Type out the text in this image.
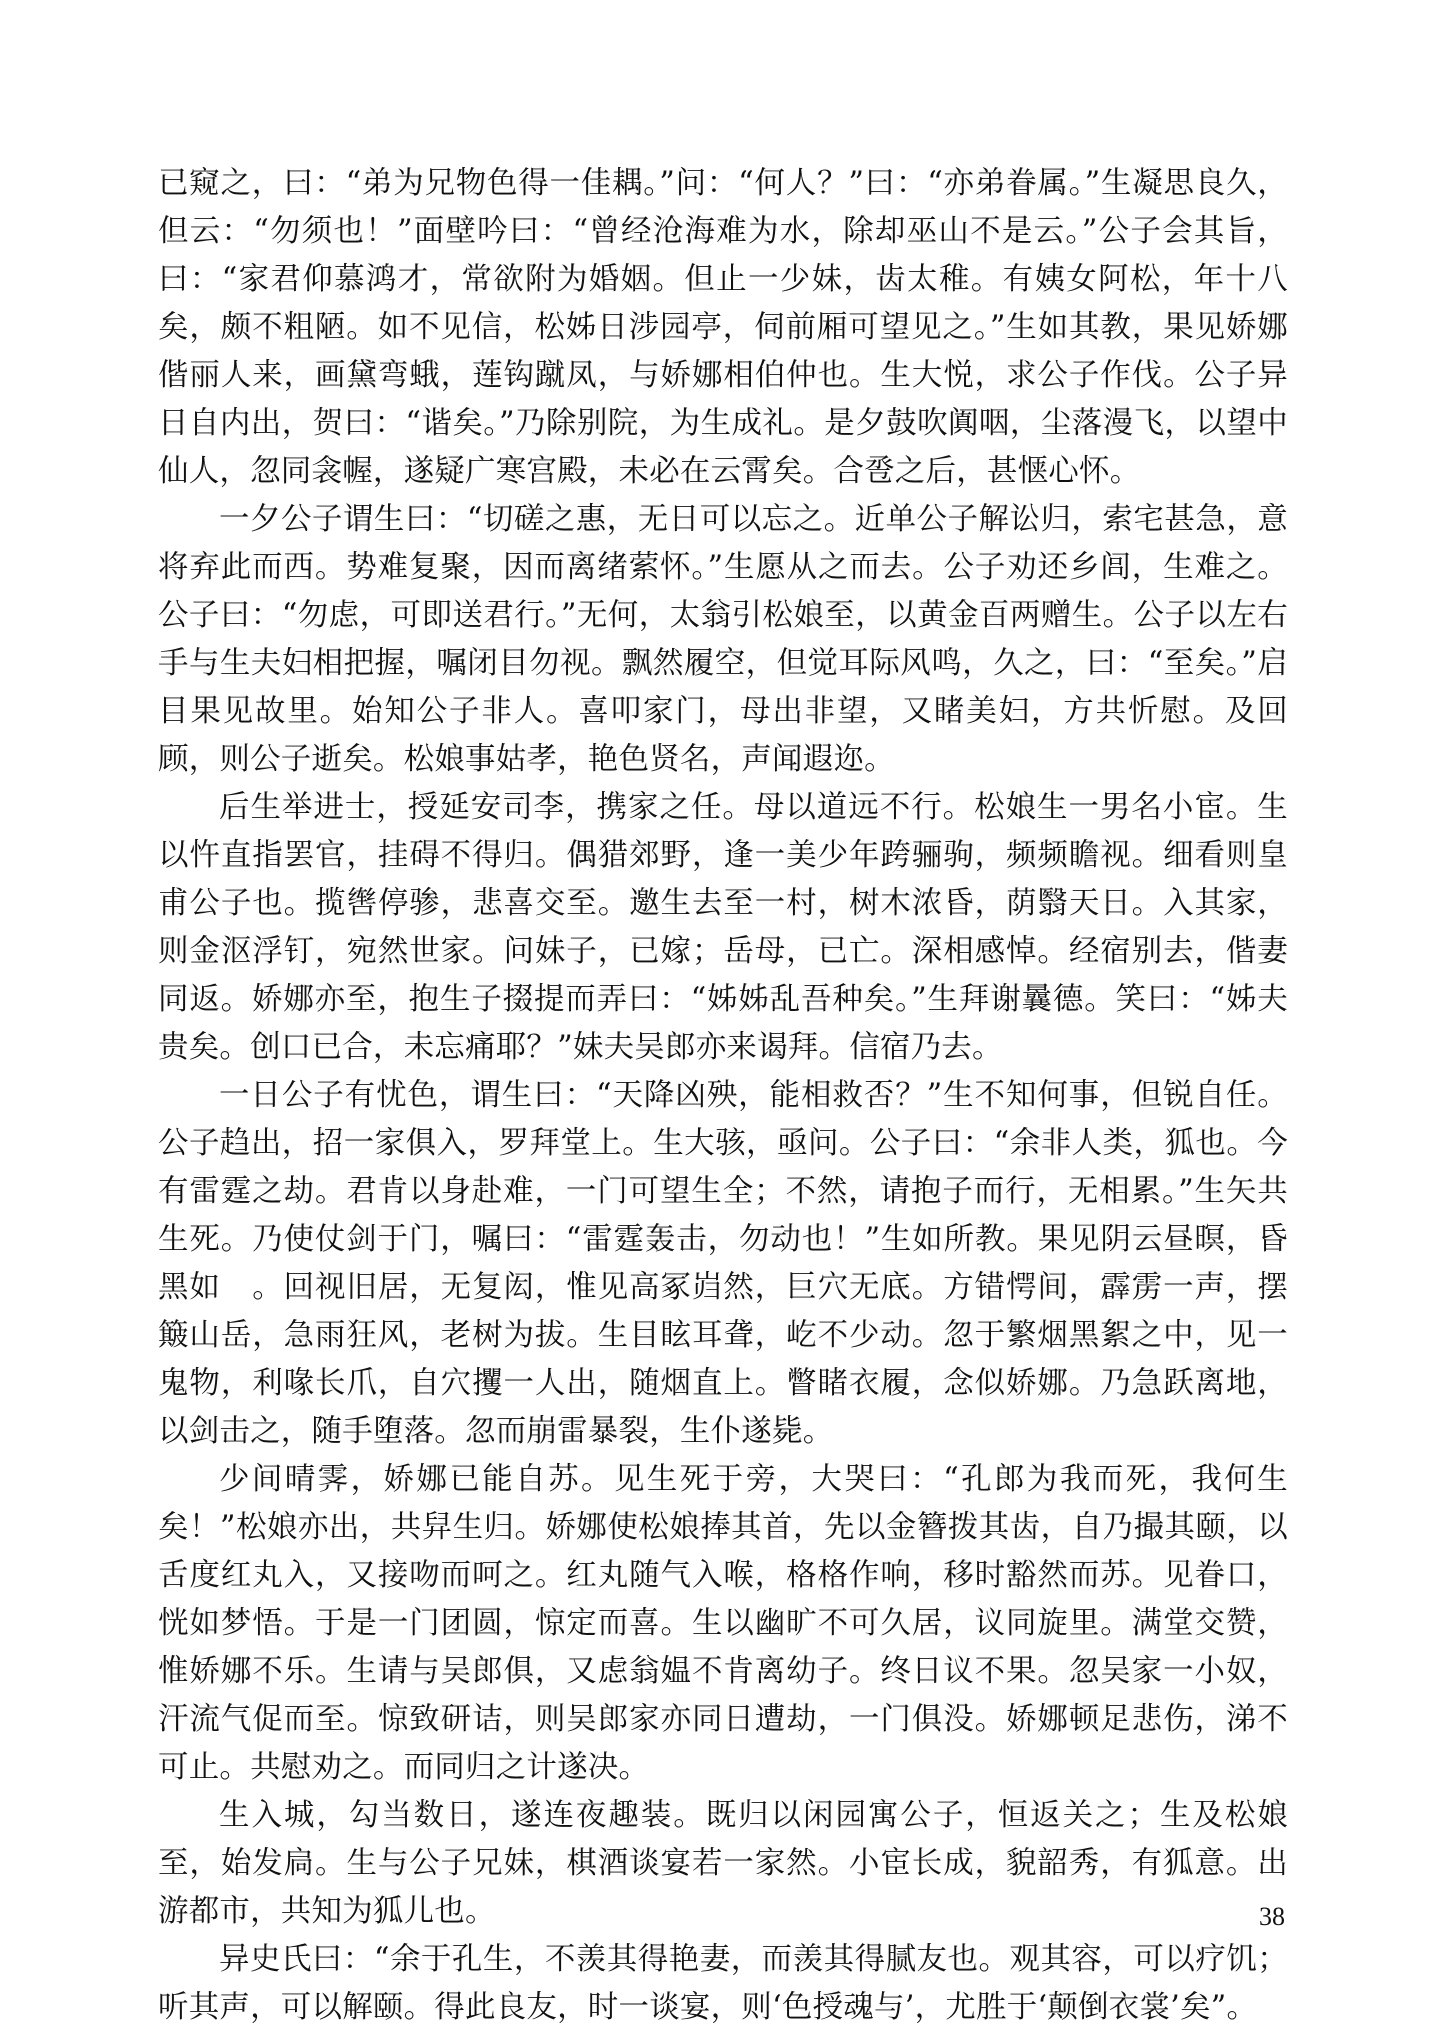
已窥之，曰：“弟为兄物色得一佳耦。”问：“何人？”曰：“亦弟眷属。”生凝思良久，但云：“勿须也！”面壁吟曰：“曾经沧海难为水，除却巫山不是云。”公子会其旨，曰：“家君仰慕鸿才，常欲附为婚姻。但止一少妹，齿太稚。有姨女阿松，年十八矣，颇不粗陋。如不见信，松姊日涉园亭，伺前厢可望见之。”生如其教，果见娇娜偕丽人来，画黛弯蛾，莲钩蹴凤，与娇娜相伯仲也。生大悦，求公子作伐。公子异日自内出，贺曰：“谐矣。”乃除别院，为生成礼。是夕鼓吹阗咽，尘落漫飞，以望中仙人，忽同衾幄，遂疑广寒宫殿，未必在云霄矣。合卺之后，甚惬心怀。

一夕公子谓生曰：“切磋之惠，无日可以忘之。近单公子解讼归，索宅甚急，意将弃此而西。势难复聚，因而离绪萦怀。”生愿从之而去。公子劝还乡闾，生难之。公子曰：“勿虑，可即送君行。”无何，太翁引松娘至，以黄金百两赠生。公子以左右手与生夫妇相把握，嘱闭目勿视。飘然履空，但觉耳际风鸣，久之，曰：“至矣。”启目果见故里。始知公子非人。喜叩家门，母出非望，又睹美妇，方共忻慰。及回顾，则公子逝矣。松娘事姑孝，艳色贤名，声闻遐迩。

后生举进士，授延安司李，携家之任。母以道远不行。松娘生一男名小宦。生以忤直指罢官，挂碍不得归。偶猎郊野，逢一美少年跨骊驹，频频瞻视。细看则皇甫公子也。揽辔停骖，悲喜交至。邀生去至一村，树木浓昏，荫翳天日。入其家，则金沤浮钉，宛然世家。问妹子，已嫁；岳母，已亡。深相感悼。经宿别去，偕妻同返。娇娜亦至，抱生子掇提而弄曰：“姊姊乱吾种矣。”生拜谢曩德。笑曰：“姊夫贵矣。创口已合，未忘痛耶？”妹夫吴郎亦来谒拜。信宿乃去。

一日公子有忧色，谓生曰：“天降凶殃，能相救否？”生不知何事，但锐自任。公子趋出，招一家俱入，罗拜堂上。生大骇，亟问。公子曰：“余非人类，狐也。今有雷霆之劫。君肯以身赴难，一门可望生全；不然，请抱子而行，无相累。”生矢共生死。乃使仗剑于门，嘱曰：“雷霆轰击，勿动也！”生如所教。果见阴云昼暝，昏黑如　。回视旧居，无复闳，惟见高冢岿然，巨穴无底。方错愕间，霹雳一声，摆簸山岳，急雨狂风，老树为拔。生目眩耳聋，屹不少动。忽于繁烟黑絮之中，见一鬼物，利喙长爪，自穴攫一人出，随烟直上。瞥睹衣履，念似娇娜。乃急跃离地，以剑击之，随手堕落。忽而崩雷暴裂，生仆遂毙。

少间晴霁，娇娜已能自苏。见生死于旁，大哭曰：“孔郎为我而死，我何生矣！”松娘亦出，共舁生归。娇娜使松娘捧其首，先以金簪拨其齿，自乃撮其颐，以舌度红丸入，又接吻而呵之。红丸随气入喉，格格作响，移时豁然而苏。见眷口，恍如梦悟。于是一门团圆，惊定而喜。生以幽旷不可久居，议同旋里。满堂交赞，惟娇娜不乐。生请与吴郎俱，又虑翁媪不肯离幼子。终日议不果。忽吴家一小奴，汗流气促而至。惊致研诘，则吴郎家亦同日遭劫，一门俱没。娇娜顿足悲伤，涕不可止。共慰劝之。而同归之计遂决。

生入城，勾当数日，遂连夜趣装。既归以闲园寓公子，恒返关之；生及松娘至，始发扃。生与公子兄妹，棋酒谈宴若一家然。小宦长成，貌韶秀，有狐意。出游都市，共知为狐儿也。

异史氏曰：“余于孔生，不羡其得艳妻，而羡其得腻友也。观其容，可以疗饥；听其声，可以解颐。得此良友，时一谈宴，则‘色授魂与’，尤胜于‘颠倒衣裳’矣”。

38
